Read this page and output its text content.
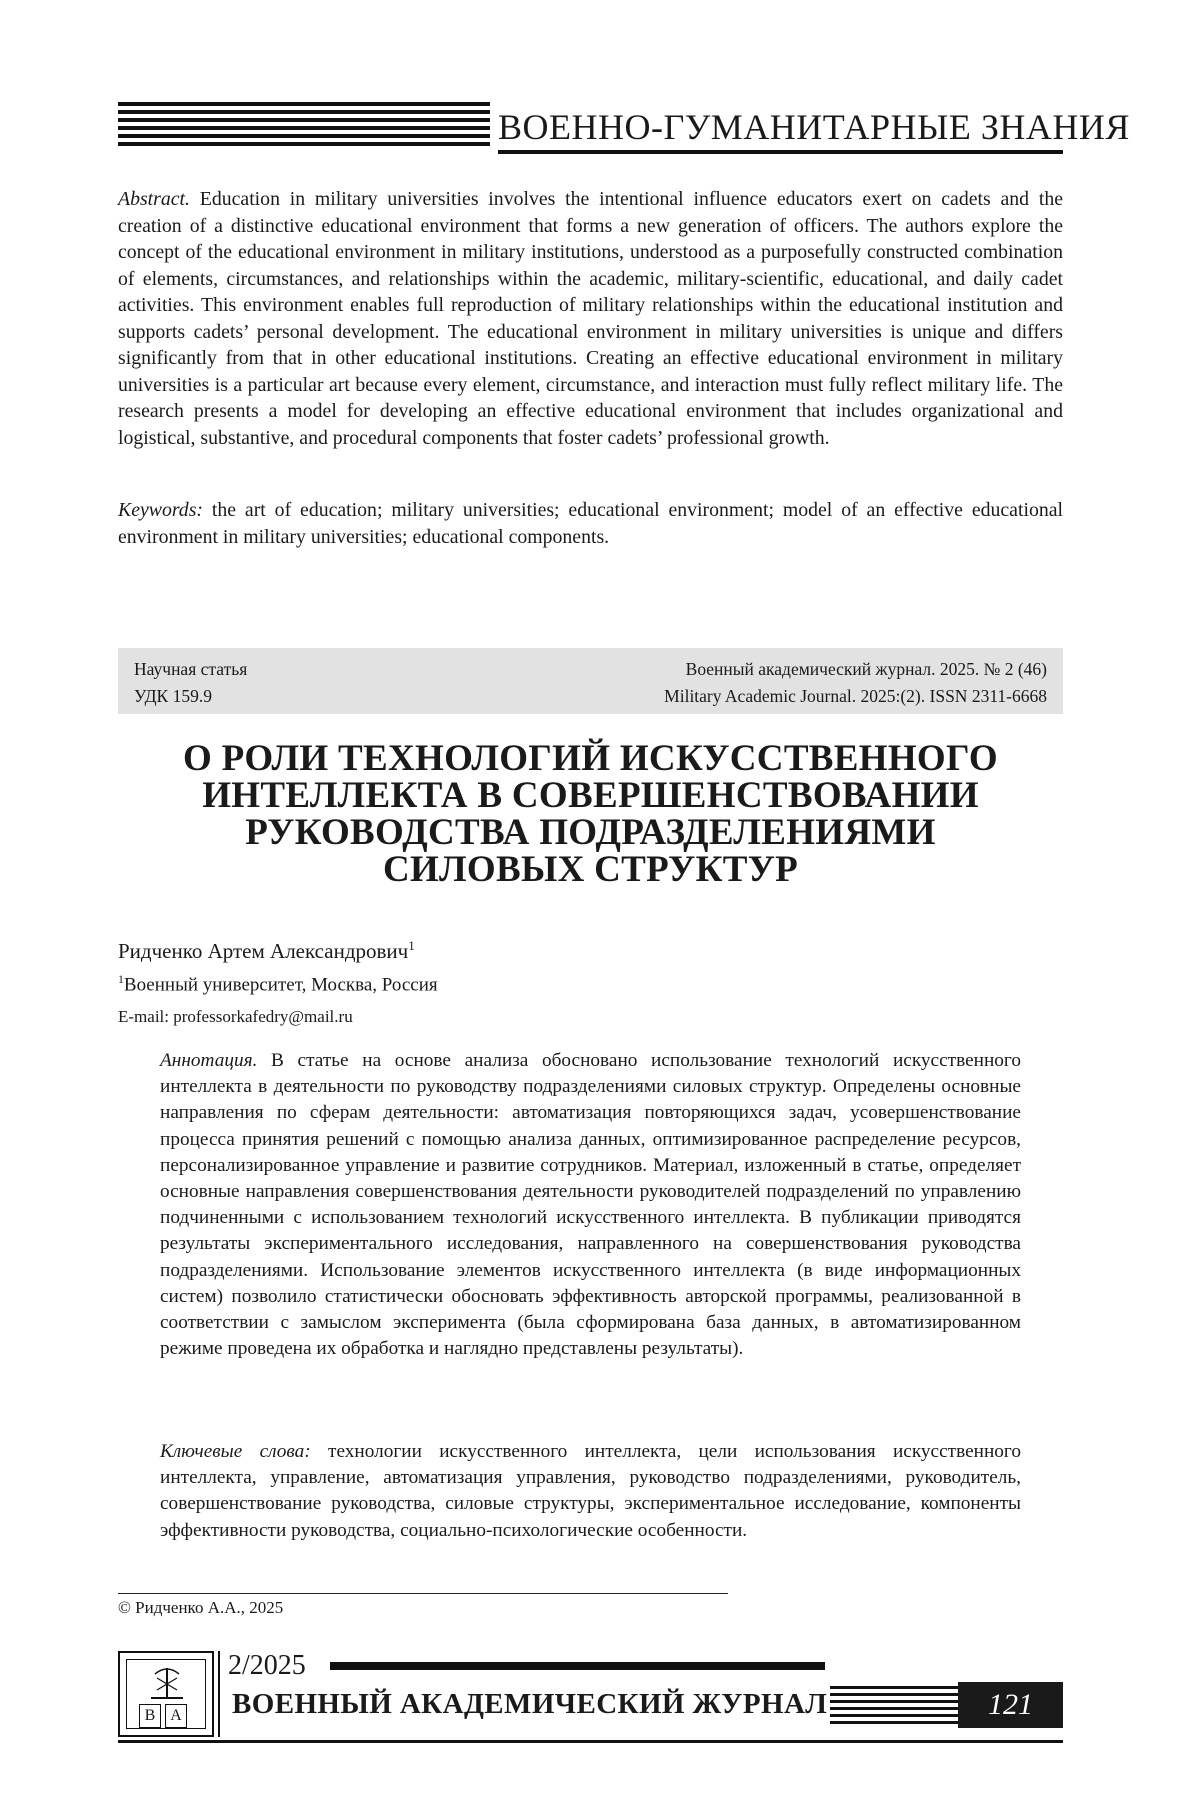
ВОЕННО-ГУМАНИТАРНЫЕ ЗНАНИЯ
Abstract. Education in military universities involves the intentional influence educators exert on cadets and the creation of a distinctive educational environment that forms a new generation of officers. The authors explore the concept of the educational environment in military institutions, understood as a purposefully constructed combination of elements, circumstances, and relationships within the academic, military-scientific, educational, and daily cadet activities. This environment enables full reproduction of military relationships within the educational institution and supports cadets’ personal development. The educational environment in military universities is unique and differs significantly from that in other educational institutions. Creating an effective educational environment in military universities is a particular art because every element, circumstance, and interaction must fully reflect military life. The research presents a model for developing an effective educational environment that includes organizational and logistical, substantive, and procedural components that foster cadets’ professional growth.
Keywords: the art of education; military universities; educational environment; model of an effective educational environment in military universities; educational components.
Научная статья
УДК 159.9
Военный академический журнал. 2025. № 2 (46)
Military Academic Journal. 2025:(2). ISSN 2311-6668
О РОЛИ ТЕХНОЛОГИЙ ИСКУССТВЕННОГО
ИНТЕЛЛЕКТА В СОВЕРШЕНСТВОВАНИИ
РУКОВОДСТВА ПОДРАЗДЕЛЕНИЯМИ
СИЛОВЫХ СТРУКТУР
Ридченко Артем Александрович$^1$
$^1$Военный университет, Москва, Россия
E-mail: professorkafedry@mail.ru
Аннотация. В статье на основе анализа обосновано использование технологий искусственного интеллекта в деятельности по руководству подразделениями силовых структур. Определены основные направления по сферам деятельности: автоматизация повторяющихся задач, усовершенствование процесса принятия решений с помощью анализа данных, оптимизированное распределение ресурсов, персонализированное управление и развитие сотрудников. Материал, изложенный в статье, определяет основные направления совершенствования деятельности руководителей подразделений по управлению подчиненными с использованием технологий искусственного интеллекта. В публикации приводятся результаты экспериментального исследования, направленного на совершенствования руководства подразделениями. Использование элементов искусственного интеллекта (в виде информационных систем) позволило статистически обосновать эффективность авторской программы, реализованной в соответствии с замыслом эксперимента (была сформирована база данных, в автоматизированном режиме проведена их обработка и наглядно представлены результаты).
Ключевые слова: технологии искусственного интеллекта, цели использования искусственного интеллекта, управление, автоматизация управления, руководство подразделениями, руководитель, совершенствование руководства, силовые структуры, экспериментальное исследование, компоненты эффективности руководства, социально-психологические особенности.
© Ридченко А.А., 2025
В А
2/2025
ВОЕННЫЙ АКАДЕМИЧЕСКИЙ ЖУРНАЛ	121
